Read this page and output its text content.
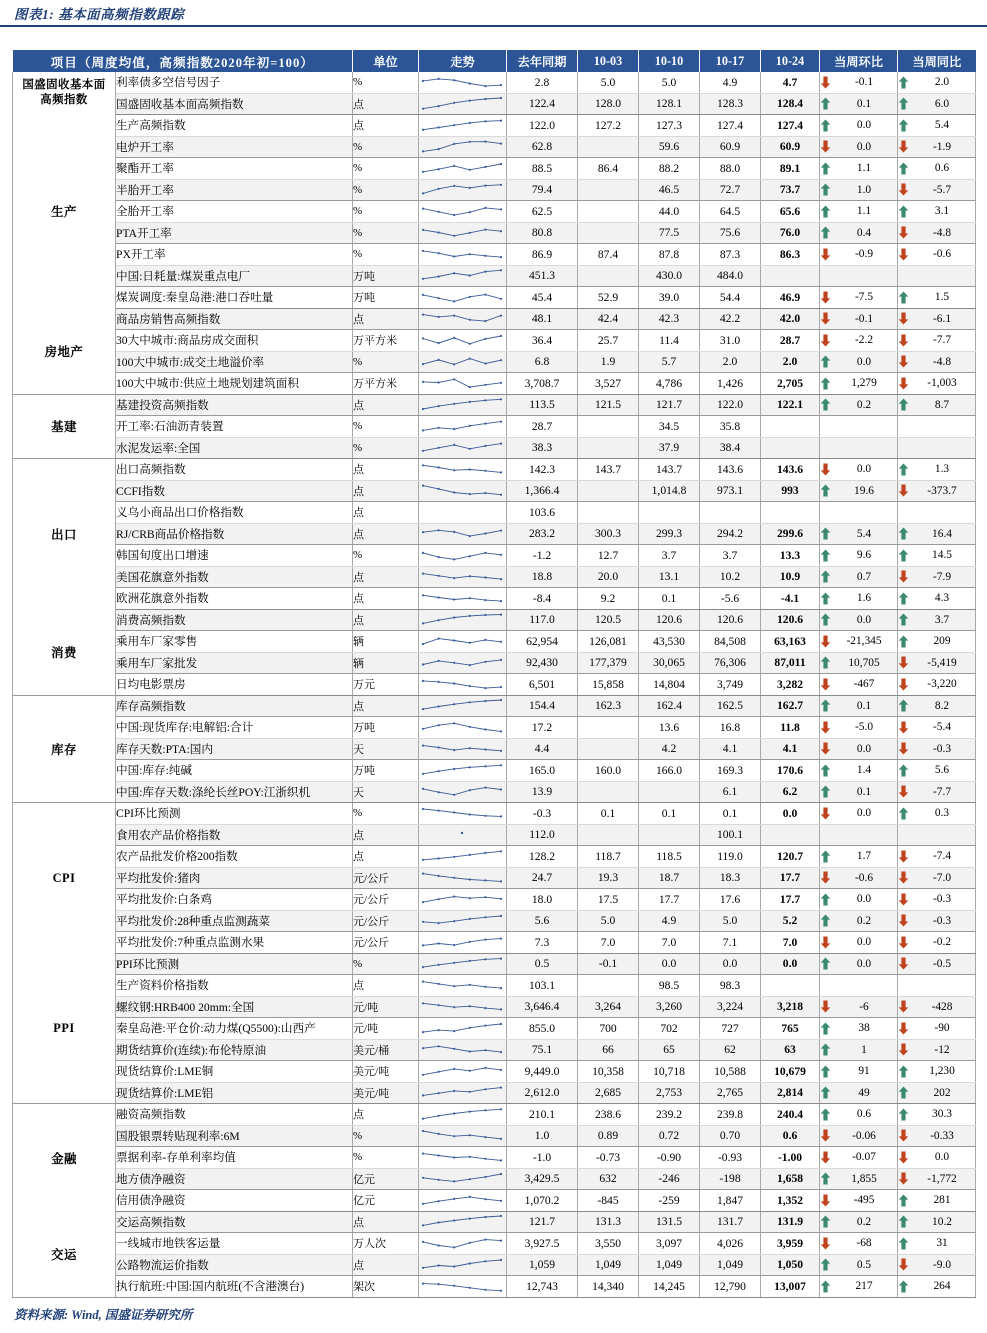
图表1: 基本面高频指数跟踪
项目（周度均值，高频指数2020年初=100）		单位	走势	去年同期	10-03	10-10	10-17	10-24	当周环比	当周同比
国盛固收基本面
高频指数	利率债多空信号因子	%		2.8	5.0	5.0	4.9	4.7	-0.1	2.0

	国盛固收基本面高频指数	点		122.4	128.0	128.1	128.3	128.4	0.1	6.0

生产	生产高频指数	点		122.0	127.2	127.3	127.4	127.4	0.0	5.4

	电炉开工率	%		62.8		59.6	60.9	60.9	0.0	-1.9

	聚酯开工率	%		88.5	86.4	88.2	88.0	89.1	1.1	0.6

	半胎开工率	%		79.4		46.5	72.7	73.7	1.0	-5.7

	全胎开工率	%		62.5		44.0	64.5	65.6	1.1	3.1

	PTA开工率	%		80.8		77.5	75.6	76.0	0.4	-4.8

	PX开工率	%		86.9	87.4	87.8	87.3	86.3	-0.9	-0.6

	中国:日耗量:煤炭重点电厂	万吨		451.3		430.0	484.0		

	煤炭调度:秦皇岛港:港口吞吐量	万吨		45.4	52.9	39.0	54.4	46.9	-7.5	1.5

房地产	商品房销售高频指数	点		48.1	42.4	42.3	42.2	42.0	-0.1	-6.1

	30大中城市:商品房成交面积	万平方米		36.4	25.7	11.4	31.0	28.7	-2.2	-7.7

	100大中城市:成交土地溢价率	%		6.8	1.9	5.7	2.0	2.0	0.0	-4.8

	100大中城市:供应土地规划建筑面积	万平方米		3,708.7	3,527	4,786	1,426	2,705	1,279	-1,003

基建	基建投资高频指数	点		113.5	121.5	121.7	122.0	122.1	0.2	8.7

	开工率:石油沥青装置	%		28.7		34.5	35.8		

	水泥发运率:全国	%		38.3		37.9	38.4		

出口	出口高频指数	点		142.3	143.7	143.7	143.6	143.6	0.0	1.3

	CCFI指数	点		1,366.4		1,014.8	973.1	993	19.6	-373.7

	义乌小商品出口价格指数	点		103.6					

	RJ/CRB商品价格指数	点		283.2	300.3	299.3	294.2	299.6	5.4	16.4

	韩国旬度出口增速	%		-1.2	12.7	3.7	3.7	13.3	9.6	14.5

	美国花旗意外指数	点		18.8	20.0	13.1	10.2	10.9	0.7	-7.9

	欧洲花旗意外指数	点		-8.4	9.2	0.1	-5.6	-4.1	1.6	4.3

消费	消费高频指数	点		117.0	120.5	120.6	120.6	120.6	0.0	3.7

	乘用车厂家零售	辆		62,954	126,081	43,530	84,508	63,163	-21,345	209

	乘用车厂家批发	辆		92,430	177,379	30,065	76,306	87,011	10,705	-5,419

	日均电影票房	万元		6,501	15,858	14,804	3,749	3,282	-467	-3,220

库存	库存高频指数	点		154.4	162.3	162.4	162.5	162.7	0.1	8.2

	中国:现货库存:电解铝:合计	万吨		17.2		13.6	16.8	11.8	-5.0	-5.4

	库存天数:PTA:国内	天		4.4		4.2	4.1	4.1	0.0	-0.3

	中国:库存:纯碱	万吨		165.0	160.0	166.0	169.3	170.6	1.4	5.6

	中国:库存天数:涤纶长丝POY:江浙织机	天		13.9			6.1	6.2	0.1	-7.7

CPI	CPI环比预测	%		-0.3	0.1	0.1	0.1	0.0	0.0	0.3

	食用农产品价格指数	点		112.0			100.1		

	农产品批发价格200指数	点		128.2	118.7	118.5	119.0	120.7	1.7	-7.4

	平均批发价:猪肉	元/公斤		24.7	19.3	18.7	18.3	17.7	-0.6	-7.0

	平均批发价:白条鸡	元/公斤		18.0	17.5	17.7	17.6	17.7	0.0	-0.3

	平均批发价:28种重点监测蔬菜	元/公斤		5.6	5.0	4.9	5.0	5.2	0.2	-0.3

	平均批发价:7种重点监测水果	元/公斤		7.3	7.0	7.0	7.1	7.0	0.0	-0.2

PPI	PPI环比预测	%		0.5	-0.1	0.0	0.0	0.0	0.0	-0.5

	生产资料价格指数	点		103.1		98.5	98.3		

	螺纹钢:HRB400 20mm:全国	元/吨		3,646.4	3,264	3,260	3,224	3,218	-6	-428

	秦皇岛港:平仓价:动力煤(Q5500):山西产	元/吨		855.0	700	702	727	765	38	-90

	期货结算价(连续):布伦特原油	美元/桶		75.1	66	65	62	63	1	-12

	现货结算价:LME铜	美元/吨		9,449.0	10,358	10,718	10,588	10,679	91	1,230

	现货结算价:LME铝	美元/吨		2,612.0	2,685	2,753	2,765	2,814	49	202

金融	融资高频指数	点		210.1	238.6	239.2	239.8	240.4	0.6	30.3

	国股银票转贴现利率:6M	%		1.0	0.89	0.72	0.70	0.6	-0.06	-0.33

	票据利率-存单利率均值	%		-1.0	-0.73	-0.90	-0.93	-1.00	-0.07	0.0

	地方债净融资	亿元		3,429.5	632	-246	-198	1,658	1,855	-1,772

	信用债净融资	亿元		1,070.2	-845	-259	1,847	1,352	-495	281

交运	交运高频指数	点		121.7	131.3	131.5	131.7	131.9	0.2	10.2

	一线城市地铁客运量	万人次		3,927.5	3,550	3,097	4,026	3,959	-68	31

	公路物流运价指数	点		1,059	1,049	1,049	1,049	1,050	0.5	-9.0

	执行航班:中国:国内航班(不含港澳台)	架次		12,743	14,340	14,245	12,790	13,007	217	264
资料来源: Wind, 国盛证券研究所
